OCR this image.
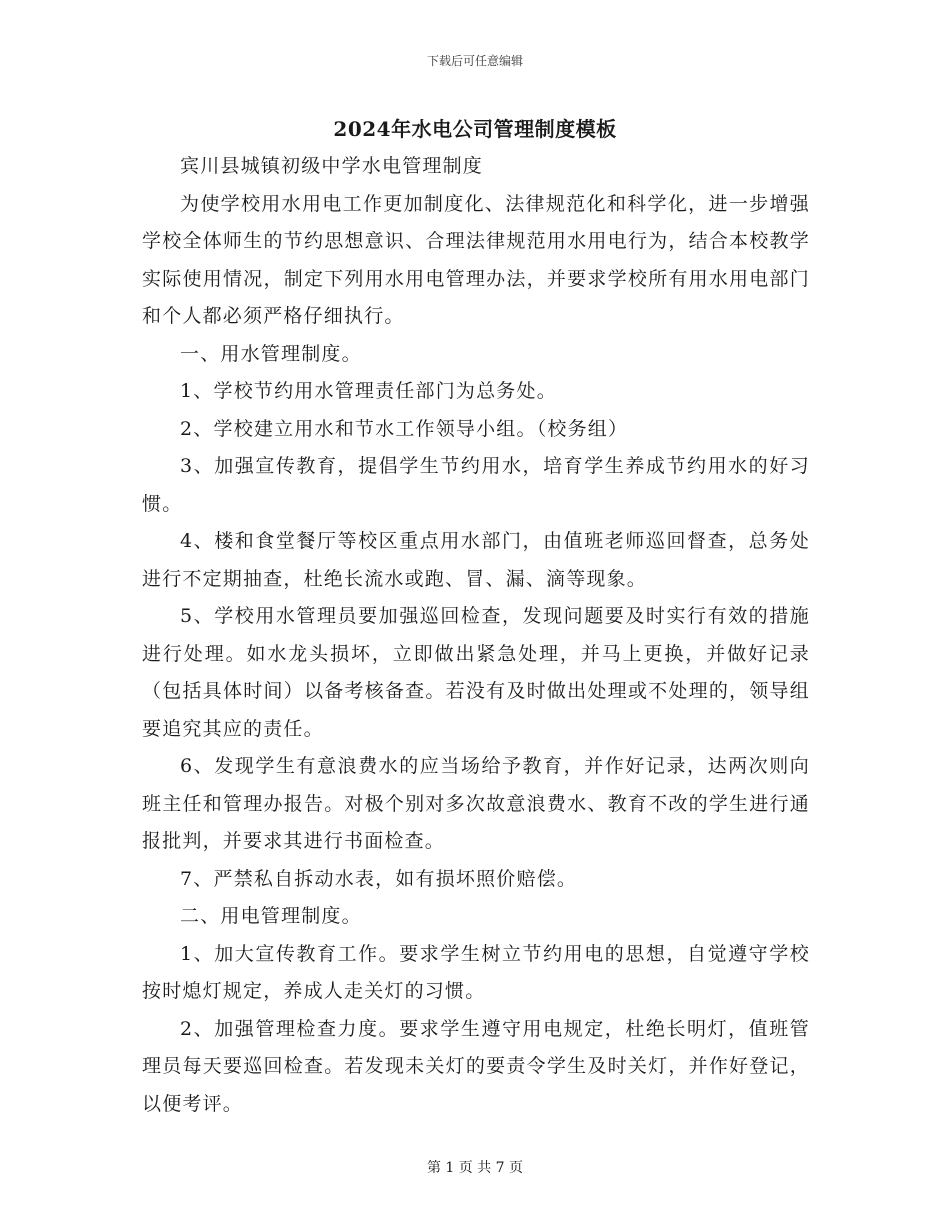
下载后可任意编辑
2024年水电公司管理制度模板

宾川县城镇初级中学水电管理制度

为使学校用水用电工作更加制度化、法律规范化和科学化，进一步增强学校全体师生的节约思想意识、合理法律规范用水用电行为，结合本校教学实际使用情况，制定下列用水用电管理办法，并要求学校所有用水用电部门和个人都必须严格仔细执行。

一、用水管理制度。

1、学校节约用水管理责任部门为总务处。

2、学校建立用水和节水工作领导小组。（校务组）

3、加强宣传教育，提倡学生节约用水，培育学生养成节约用水的好习惯。

4、楼和食堂餐厅等校区重点用水部门，由值班老师巡回督查，总务处进行不定期抽查，杜绝长流水或跑、冒、漏、滴等现象。

5、学校用水管理员要加强巡回检查，发现问题要及时实行有效的措施进行处理。如水龙头损坏，立即做出紧急处理，并马上更换，并做好记录（包括具体时间）以备考核备查。若没有及时做出处理或不处理的，领导组要追究其应的责任。

6、发现学生有意浪费水的应当场给予教育，并作好记录，达两次则向班主任和管理办报告。对极个别对多次故意浪费水、教育不改的学生进行通报批判，并要求其进行书面检查。

7、严禁私自拆动水表，如有损坏照价赔偿。

二、用电管理制度。

1、加大宣传教育工作。要求学生树立节约用电的思想，自觉遵守学校按时熄灯规定，养成人走关灯的习惯。

2、加强管理检查力度。要求学生遵守用电规定，杜绝长明灯，值班管理员每天要巡回检查。若发现未关灯的要责令学生及时关灯，并作好登记，以便考评。

第 1 页 共 7 页
